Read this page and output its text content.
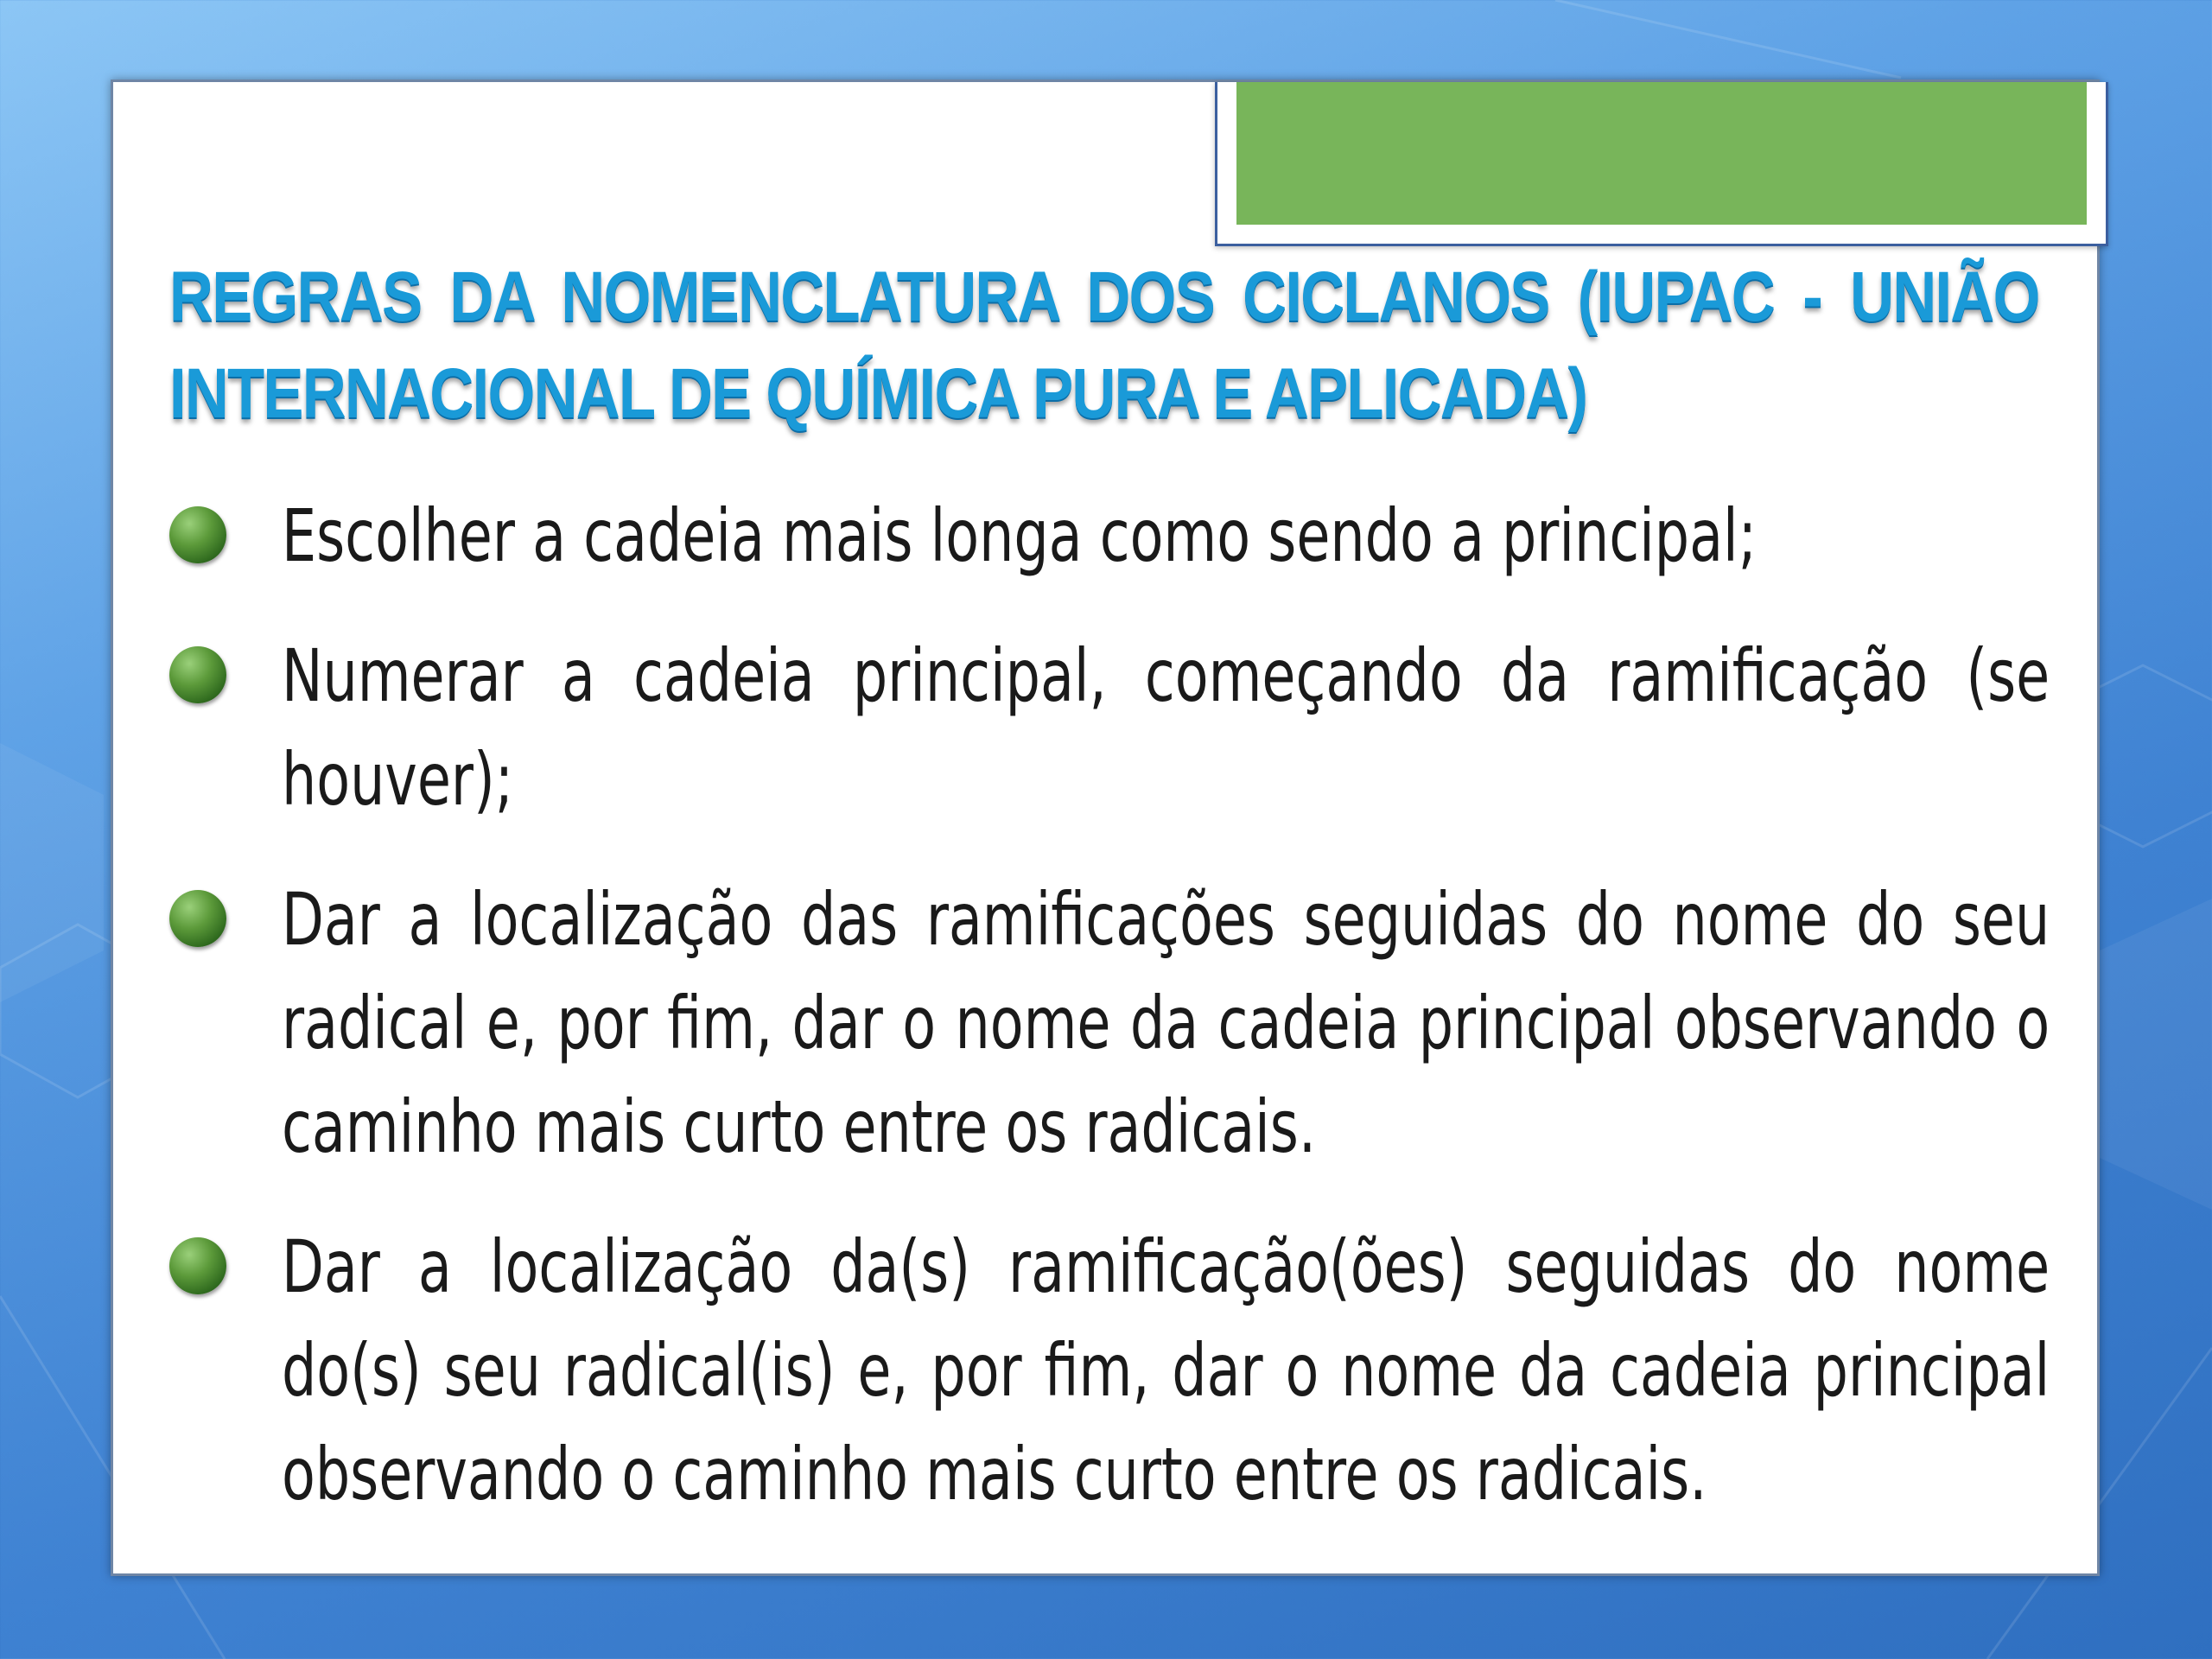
REGRAS DA NOMENCLATURA DOS CICLANOS (IUPAC - UNIÃO INTERNACIONAL DE QUÍMICA PURA E APLICADA)
Escolher a cadeia mais longa como sendo a principal;
Numerar a cadeia principal, começando da ramificação (se houver);
Dar a localização das ramificações seguidas do nome do seu radical e, por fim, dar o nome da cadeia principal observando o caminho mais curto entre os radicais.
Dar a localização da(s) ramificação(ões) seguidas do nome do(s) seu radical(is) e, por fim, dar o nome da cadeia principal observando o caminho mais curto entre os radicais.
